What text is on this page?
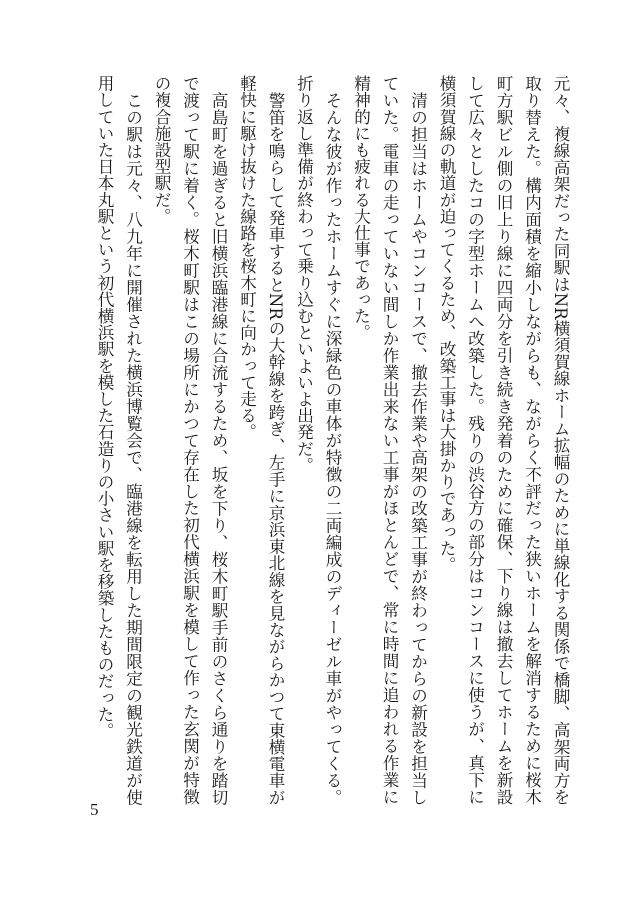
元々、複線高架だった同駅はNR横須賀線ホーム拡幅のために単線化する関係で橋脚、高架両方を取り替えた。構内面積を縮小しながらも、ながらく不評だった狭いホームを解消するために桜木町方駅ビル側の旧上り線に四両分を引き続き発着のために確保、下り線は撤去してホームを新設して広々としたコの字型ホームへ改築した。残りの渋谷方の部分はコンコースに使うが、真下に横須賀線の軌道が迫ってくるため、改築工事は大掛かりであった。

清の担当はホームやコンコースで、撤去作業や高架の改築工事が終わってからの新設を担当していた。電車の走っていない間しか作業出来ない工事がほとんどで、常に時間に追われる作業に精神的にも疲れる大仕事であった。

そんな彼が作ったホームすぐに深緑色の車体が特徴の二両編成のディーゼル車がやってくる。折り返し準備が終わって乗り込むといよいよ出発だ。

警笛を鳴らして発車するとNRの大幹線を跨ぎ、左手に京浜東北線を見ながらかつて東横電車が軽快に駆け抜けた線路を桜木町に向かって走る。

高島町を過ぎると旧横浜臨港線に合流するため、坂を下り、桜木町駅手前のさくら通りを踏切で渡って駅に着く。桜木町駅はこの場所にかつて存在した初代横浜駅を模して作った玄関が特徴の複合施設型駅だ。

この駅は元々、八九年に開催された横浜博覧会で、臨港線を転用した期間限定の観光鉄道が使用していた日本丸駅という初代横浜駅を模した石造りの小さい駅を移築したものだった。

5
